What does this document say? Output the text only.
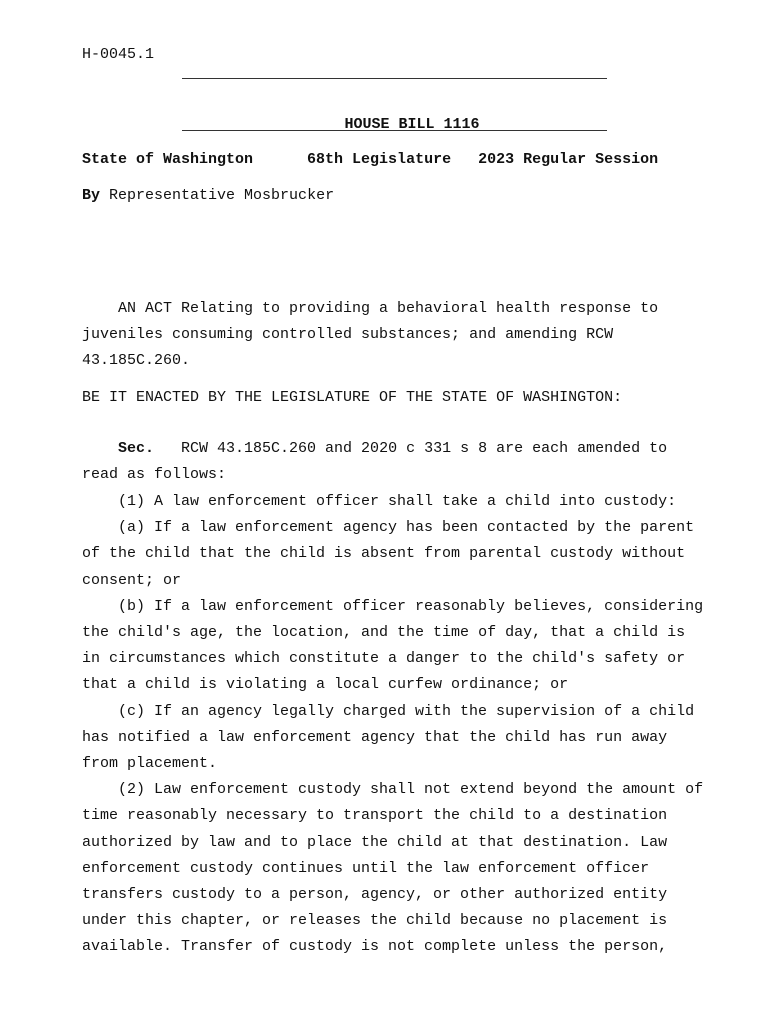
H-0045.1

HOUSE BILL 1116

State of Washington	68th Legislature 2023 Regular Session
By Representative Mosbrucker
AN ACT Relating to providing a behavioral health response to
juveniles consuming controlled substances; and amending RCW
43.185C.260.
BE IT ENACTED BY THE LEGISLATURE OF THE STATE OF WASHINGTON:
Sec. RCW 43.185C.260 and 2020 c 331 s 8 are each amended to
read as follows:
(1) A law enforcement officer shall take a child into custody:
(a) If a law enforcement agency has been contacted by the parent
of the child that the child is absent from parental custody without
consent; or
(b) If a law enforcement officer reasonably believes, considering
the child's age, the location, and the time of day, that a child is
in circumstances which constitute a danger to the child's safety or
that a child is violating a local curfew ordinance; or
(c) If an agency legally charged with the supervision of a child
has notified a law enforcement agency that the child has run away
from placement.
(2) Law enforcement custody shall not extend beyond the amount of
time reasonably necessary to transport the child to a destination
authorized by law and to place the child at that destination. Law
enforcement custody continues until the law enforcement officer
transfers custody to a person, agency, or other authorized entity
under this chapter, or releases the child because no placement is
available. Transfer of custody is not complete unless the person,
